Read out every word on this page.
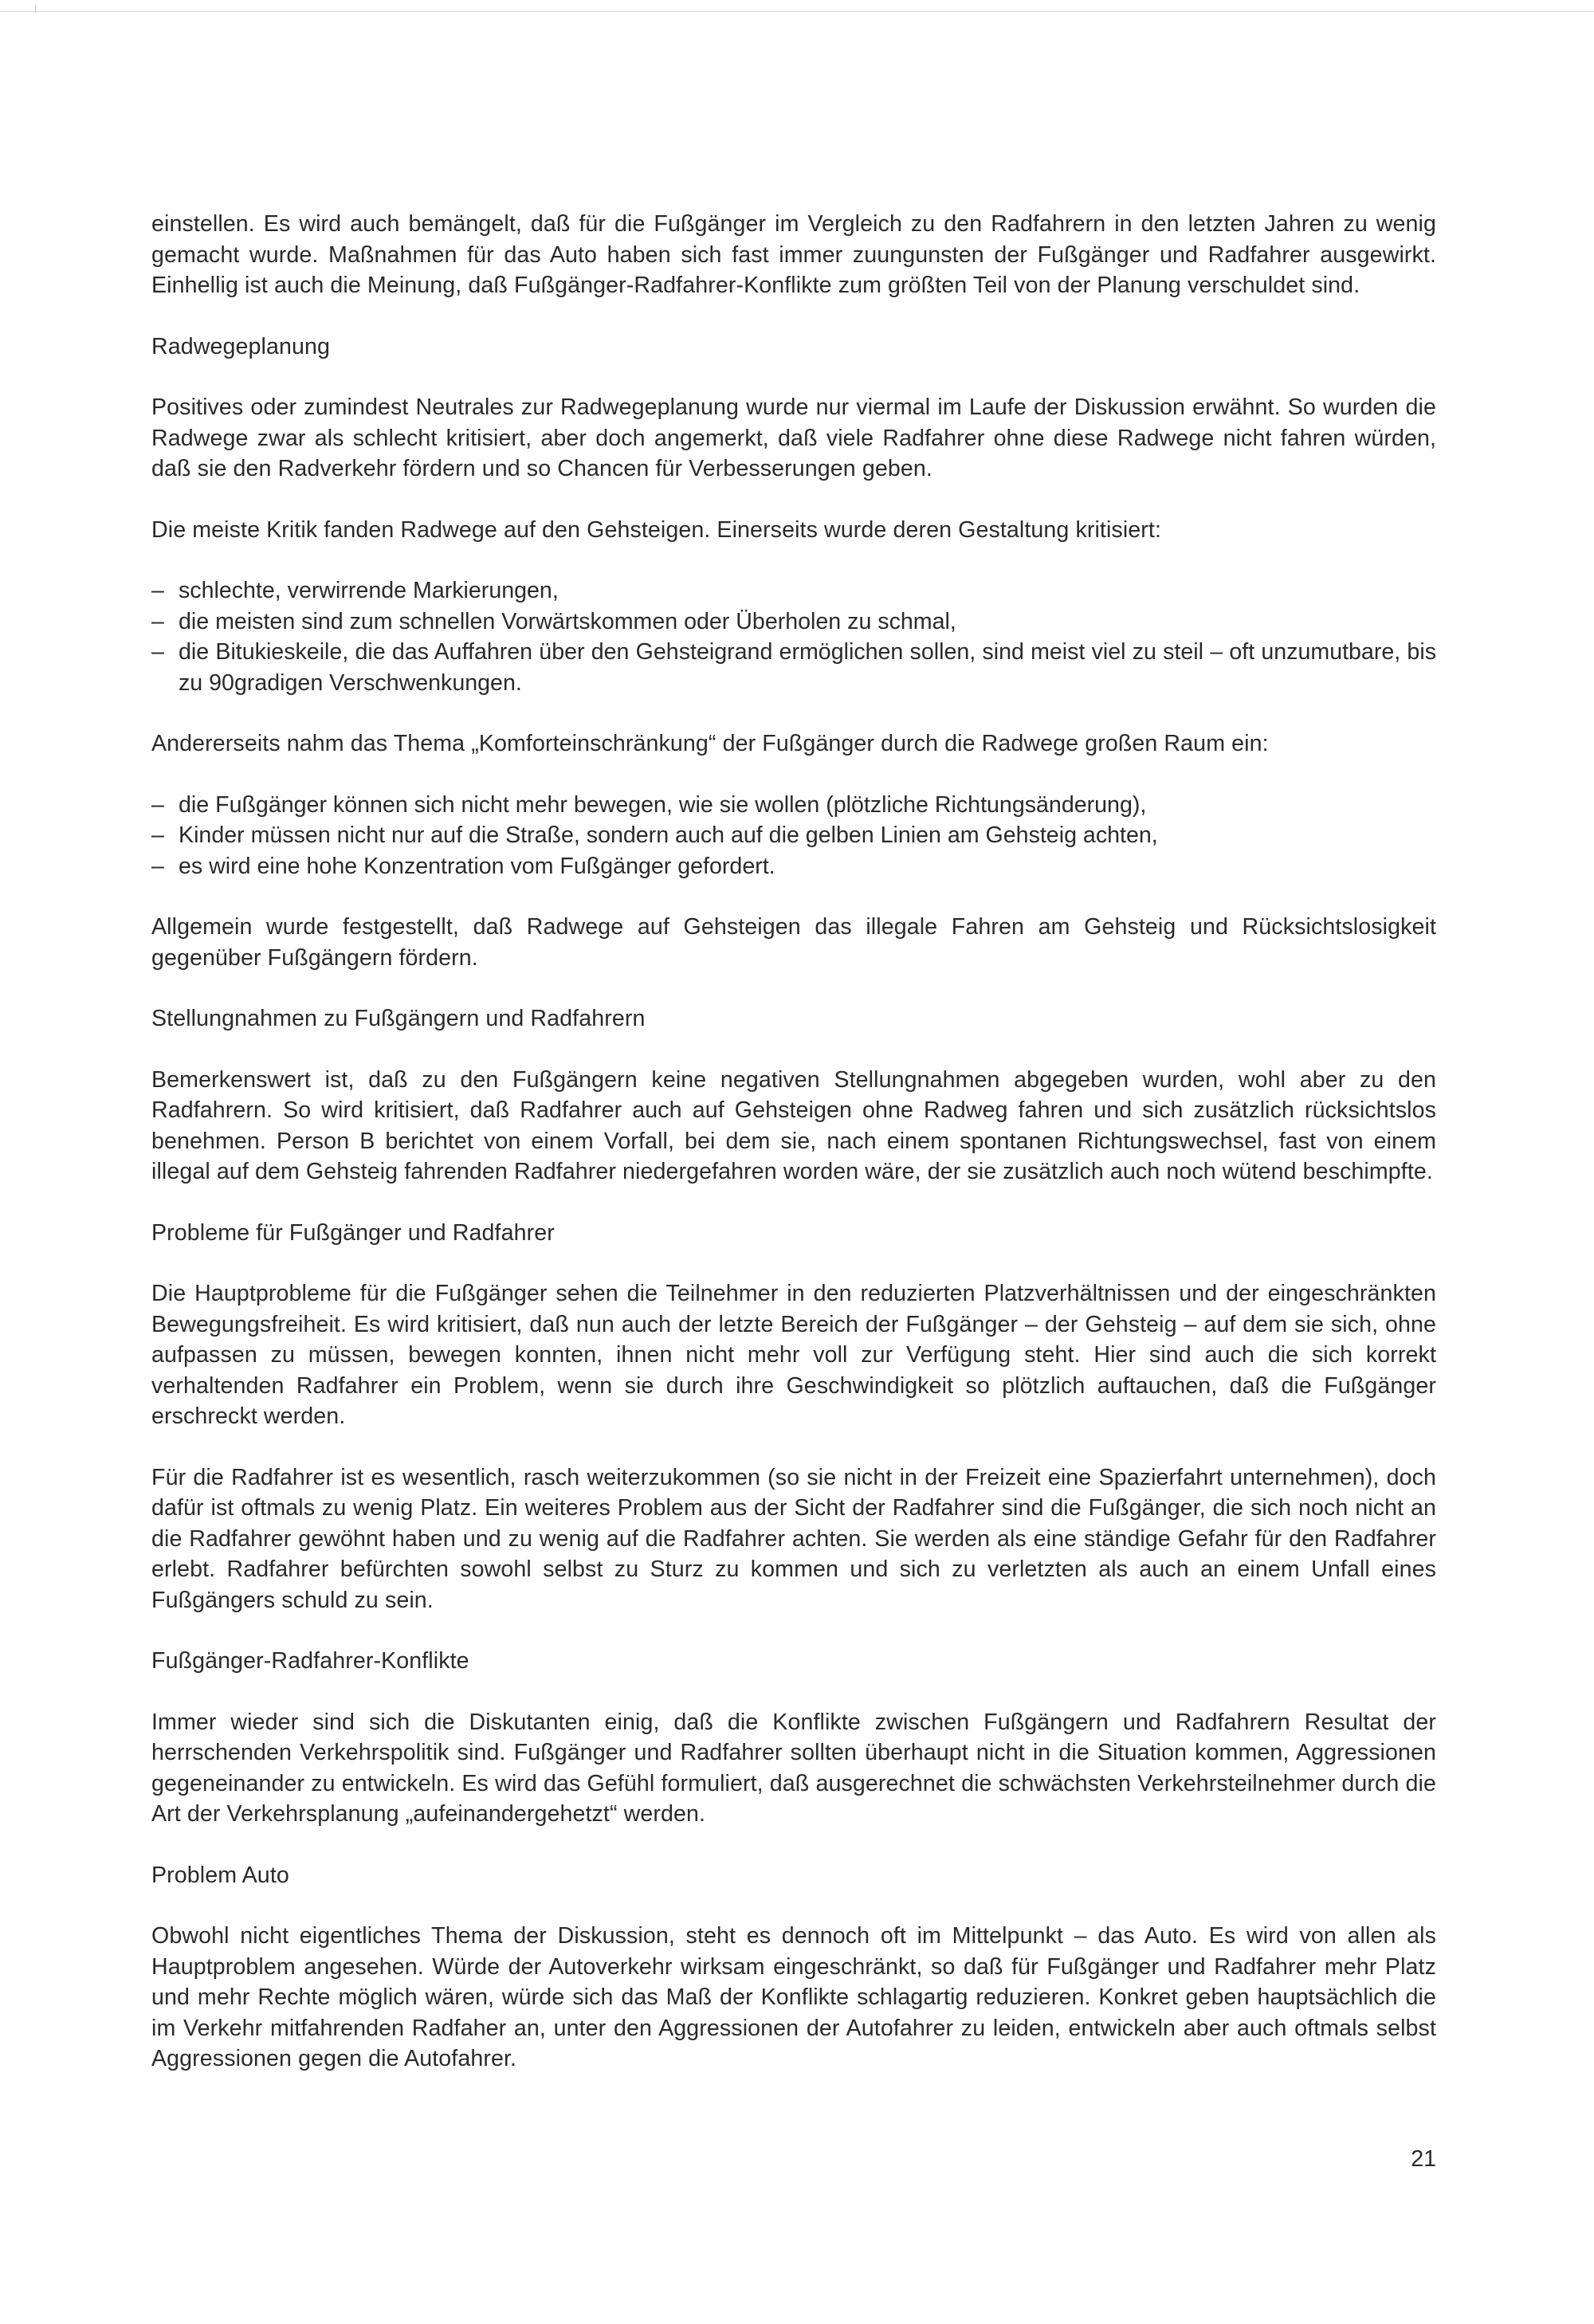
einstellen. Es wird auch bemängelt, daß für die Fußgänger im Vergleich zu den Radfahrern in den letzten Jahren zu wenig gemacht wurde. Maßnahmen für das Auto haben sich fast immer zuungunsten der Fußgänger und Radfahrer ausgewirkt. Einhellig ist auch die Meinung, daß Fußgänger-Radfahrer-Konflikte zum größten Teil von der Planung verschuldet sind.

Radwegeplanung

Positives oder zumindest Neutrales zur Radwegeplanung wurde nur viermal im Laufe der Diskussion erwähnt. So wurden die Radwege zwar als schlecht kritisiert, aber doch angemerkt, daß viele Radfahrer ohne diese Radwege nicht fahren würden, daß sie den Radverkehr fördern und so Chancen für Verbesserungen geben.

Die meiste Kritik fanden Radwege auf den Gehsteigen. Einerseits wurde deren Gestaltung kritisiert:

– schlechte, verwirrende Markierungen,
– die meisten sind zum schnellen Vorwärtskommen oder Überholen zu schmal,
– die Bitukieskeile, die das Auffahren über den Gehsteigrand ermöglichen sollen, sind meist viel zu steil – oft unzumutbare, bis zu 90gradigen Verschwenkungen.

Andererseits nahm das Thema „Komforteinschränkung“ der Fußgänger durch die Radwege großen Raum ein:

– die Fußgänger können sich nicht mehr bewegen, wie sie wollen (plötzliche Richtungsänderung),
– Kinder müssen nicht nur auf die Straße, sondern auch auf die gelben Linien am Gehsteig achten,
– es wird eine hohe Konzentration vom Fußgänger gefordert.

Allgemein wurde festgestellt, daß Radwege auf Gehsteigen das illegale Fahren am Gehsteig und Rücksichtslosigkeit gegenüber Fußgängern fördern.

Stellungnahmen zu Fußgängern und Radfahrern

Bemerkenswert ist, daß zu den Fußgängern keine negativen Stellungnahmen abgegeben wurden, wohl aber zu den Radfahrern. So wird kritisiert, daß Radfahrer auch auf Gehsteigen ohne Radweg fahren und sich zusätzlich rücksichtslos benehmen. Person B berichtet von einem Vorfall, bei dem sie, nach einem spontanen Richtungswechsel, fast von einem illegal auf dem Gehsteig fahrenden Radfahrer niedergefahren worden wäre, der sie zusätzlich auch noch wütend beschimpfte.

Probleme für Fußgänger und Radfahrer

Die Hauptprobleme für die Fußgänger sehen die Teilnehmer in den reduzierten Platzverhältnissen und der eingeschränkten Bewegungsfreiheit. Es wird kritisiert, daß nun auch der letzte Bereich der Fußgänger – der Gehsteig – auf dem sie sich, ohne aufpassen zu müssen, bewegen konnten, ihnen nicht mehr voll zur Verfügung steht. Hier sind auch die sich korrekt verhaltenden Radfahrer ein Problem, wenn sie durch ihre Geschwindigkeit so plötzlich auftauchen, daß die Fußgänger erschreckt werden.

Für die Radfahrer ist es wesentlich, rasch weiterzukommen (so sie nicht in der Freizeit eine Spazierfahrt unternehmen), doch dafür ist oftmals zu wenig Platz. Ein weiteres Problem aus der Sicht der Radfahrer sind die Fußgänger, die sich noch nicht an die Radfahrer gewöhnt haben und zu wenig auf die Radfahrer achten. Sie werden als eine ständige Gefahr für den Radfahrer erlebt. Radfahrer befürchten sowohl selbst zu Sturz zu kommen und sich zu verletzten als auch an einem Unfall eines Fußgängers schuld zu sein.

Fußgänger-Radfahrer-Konflikte

Immer wieder sind sich die Diskutanten einig, daß die Konflikte zwischen Fußgängern und Radfahrern Resultat der herrschenden Verkehrspolitik sind. Fußgänger und Radfahrer sollten überhaupt nicht in die Situation kommen, Aggressionen gegeneinander zu entwickeln. Es wird das Gefühl formuliert, daß ausgerechnet die schwächsten Verkehrsteilnehmer durch die Art der Verkehrsplanung „aufeinandergehetzt“ werden.

Problem Auto

Obwohl nicht eigentliches Thema der Diskussion, steht es dennoch oft im Mittelpunkt – das Auto. Es wird von allen als Hauptproblem angesehen. Würde der Autoverkehr wirksam eingeschränkt, so daß für Fußgänger und Radfahrer mehr Platz und mehr Rechte möglich wären, würde sich das Maß der Konflikte schlagartig reduzieren. Konkret geben hauptsächlich die im Verkehr mitfahrenden Radfaher an, unter den Aggressionen der Autofahrer zu leiden, entwickeln aber auch oftmals selbst Aggressionen gegen die Autofahrer.

21
